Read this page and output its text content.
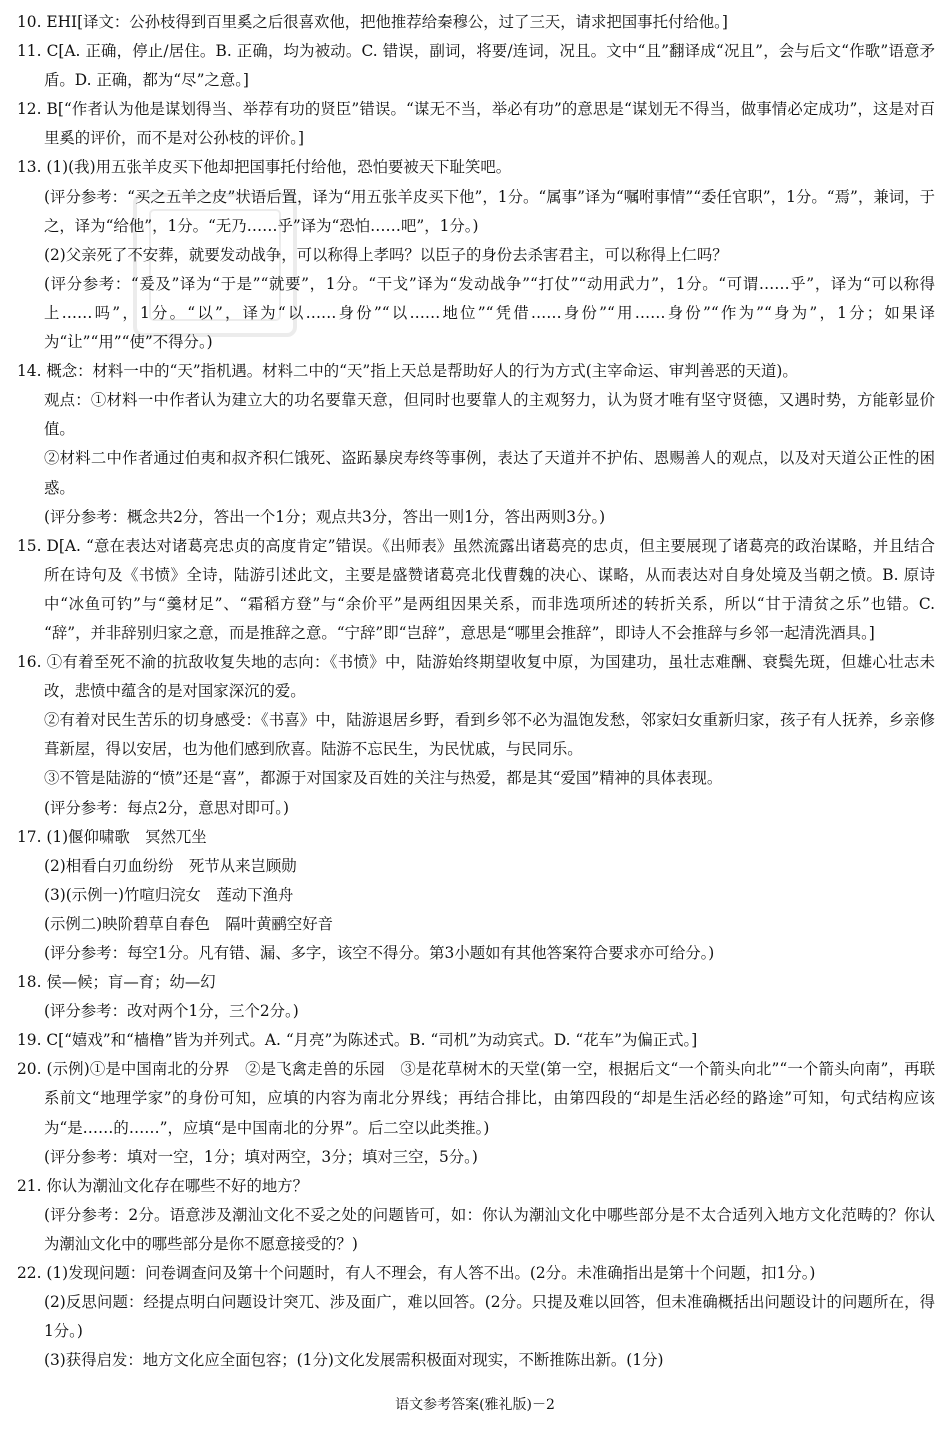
10. EHI[译文：公孙枝得到百里奚之后很喜欢他，把他推荐给秦穆公，过了三天，请求把国事托付给他。]

11. C[A. 正确，停止/居住。B. 正确，均为被动。C. 错误，副词，将要/连词，况且。文中“且”翻译成“况且”，会与后文“作歌”语意矛盾。D. 正确，都为“尽”之意。]

12. B[“作者认为他是谋划得当、举荐有功的贤臣”错误。“谋无不当，举必有功”的意思是“谋划无不得当，做事情必定成功”，这是对百里奚的评价，而不是对公孙枝的评价。]

13. (1)(我)用五张羊皮买下他却把国事托付给他，恐怕要被天下耻笑吧。

(评分参考：“买之五羊之皮”状语后置，译为“用五张羊皮买下他”，1分。“属事”译为“嘱咐事情”“委任官职”，1分。“焉”，兼词，于之，译为“给他”，1分。“无乃……乎”译为“恐怕……吧”，1分。)

(2)父亲死了不安葬，就要发动战争，可以称得上孝吗？以臣子的身份去杀害君主，可以称得上仁吗？

(评分参考：“爰及”译为“于是”“就要”，1分。“干戈”译为“发动战争”“打仗”“动用武力”，1分。“可谓……乎”，译为“可以称得上……吗”，1分。“以”，译为“以……身份”“以……地位”“凭借……身份”“用……身份”“作为”“身为”，1分；如果译为“让”“用”“使”不得分。)

14. 概念：材料一中的“天”指机遇。材料二中的“天”指上天总是帮助好人的行为方式(主宰命运、审判善恶的天道)。

观点：①材料一中作者认为建立大的功名要靠天意，但同时也要靠人的主观努力，认为贤才唯有坚守贤德，又遇时势，方能彰显价值。

②材料二中作者通过伯夷和叔齐积仁饿死、盗跖暴戾寿终等事例，表达了天道并不护佑、恩赐善人的观点，以及对天道公正性的困惑。

(评分参考：概念共2分，答出一个1分；观点共3分，答出一则1分，答出两则3分。)

15. D[A. “意在表达对诸葛亮忠贞的高度肯定”错误。《出师表》虽然流露出诸葛亮的忠贞，但主要展现了诸葛亮的政治谋略，并且结合所在诗句及《书愤》全诗，陆游引述此文，主要是盛赞诸葛亮北伐曹魏的决心、谋略，从而表达对自身处境及当朝之愤。B. 原诗中“冰鱼可钓”与“羹材足”、“霜稻方登”与“余价平”是两组因果关系，而非选项所述的转折关系，所以“甘于清贫之乐”也错。C. “辞”，并非辞别归家之意，而是推辞之意。“宁辞”即“岂辞”，意思是“哪里会推辞”，即诗人不会推辞与乡邻一起清洗酒具。]

16. ①有着至死不渝的抗敌收复失地的志向：《书愤》中，陆游始终期望收复中原，为国建功，虽壮志难酬、衰鬓先斑，但雄心壮志未改，悲愤中蕴含的是对国家深沉的爱。

②有着对民生苦乐的切身感受：《书喜》中，陆游退居乡野，看到乡邻不必为温饱发愁，邻家妇女重新归家，孩子有人抚养，乡亲修葺新屋，得以安居，也为他们感到欣喜。陆游不忘民生，为民忧戚，与民同乐。

③不管是陆游的“愤”还是“喜”，都源于对国家及百姓的关注与热爱，都是其“爱国”精神的具体表现。

(评分参考：每点2分，意思对即可。)

17. (1)偃仰啸歌　冥然兀坐

(2)相看白刃血纷纷　死节从来岂顾勋

(3)(示例一)竹喧归浣女　莲动下渔舟

(示例二)映阶碧草自春色　隔叶黄鹂空好音

(评分参考：每空1分。凡有错、漏、多字，该空不得分。第3小题如有其他答案符合要求亦可给分。)

18. 侯—候；肓—育；幼—幻

(评分参考：改对两个1分，三个2分。)

19. C[“嬉戏”和“樯橹”皆为并列式。A. “月亮”为陈述式。B. “司机”为动宾式。D. “花车”为偏正式。]

20. (示例)①是中国南北的分界　②是飞禽走兽的乐园　③是花草树木的天堂(第一空，根据后文“一个箭头向北”“一个箭头向南”，再联系前文“地理学家”的身份可知，应填的内容为南北分界线；再结合排比，由第四段的“却是生活必经的路途”可知，句式结构应该为“是……的……”，应填“是中国南北的分界”。后二空以此类推。)

(评分参考：填对一空，1分；填对两空，3分；填对三空，5分。)

21. 你认为潮汕文化存在哪些不好的地方？

(评分参考：2分。语意涉及潮汕文化不妥之处的问题皆可，如：你认为潮汕文化中哪些部分是不太合适列入地方文化范畴的？你认为潮汕文化中的哪些部分是你不愿意接受的？)

22. (1)发现问题：问卷调查问及第十个问题时，有人不理会，有人答不出。(2分。未准确指出是第十个问题，扣1分。)

(2)反思问题：经提点明白问题设计突兀、涉及面广，难以回答。(2分。只提及难以回答，但未准确概括出问题设计的问题所在，得1分。)

(3)获得启发：地方文化应全面包容；(1分)文化发展需积极面对现实，不断推陈出新。(1分)

语文参考答案(雅礼版)－2
